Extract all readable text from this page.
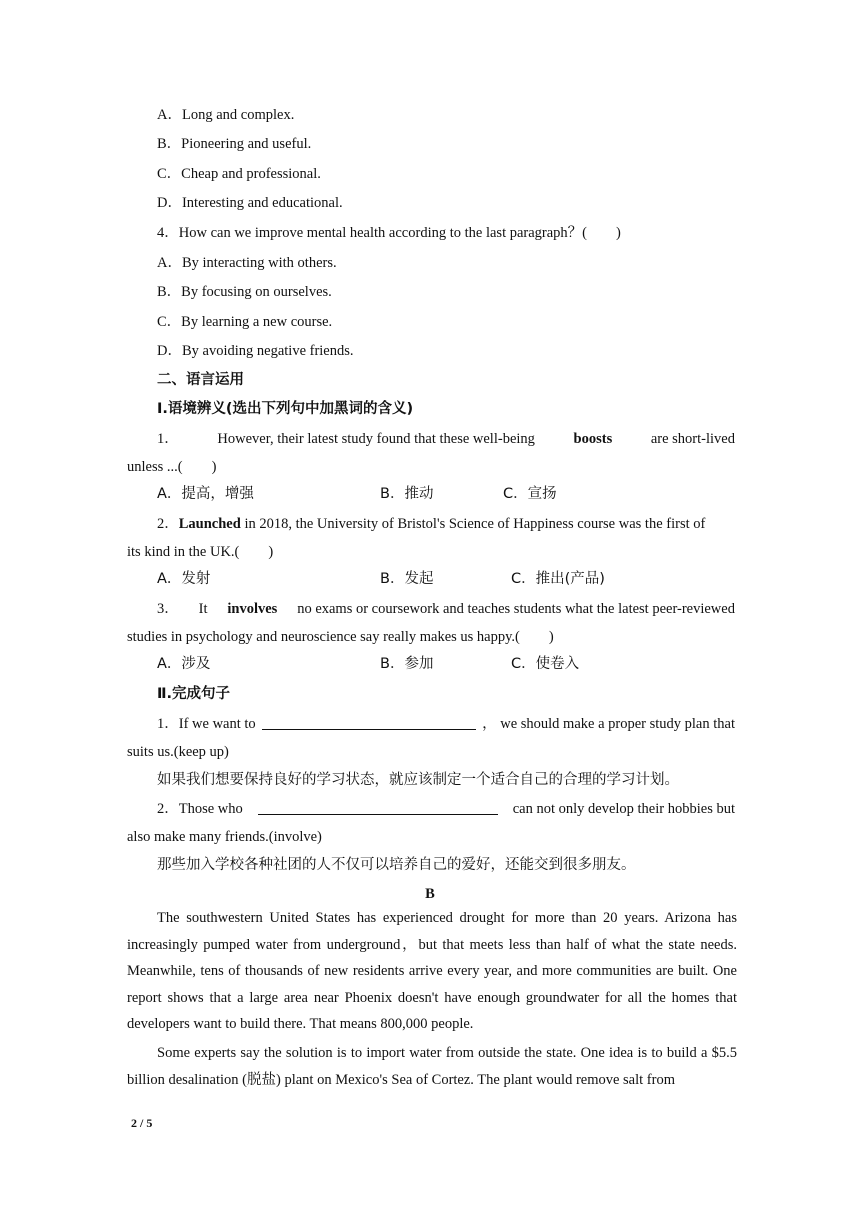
A．Long and complex.
B．Pioneering and useful.
C．Cheap and professional.
D．Interesting and educational.
4．How can we improve mental health according to the last paragraph？(　　)
A．By interacting with others.
B．By focusing on ourselves.
C．By learning a new course.
D．By avoiding negative friends.
二、语言运用
Ⅰ.语境辨义(选出下列句中加黑词的含义)
1．	However, their latest study found that these well-being	boosts	are short-lived
unless ...(　　)
A．提高，增强	B．推动	C．宣扬
2．Launched in 2018, the University of Bristol's Science of Happiness course was the first of
its kind in the UK.(　　)
A．发射	B．发起	C．推出(产品)
3． It involves no exams or coursework and teaches students what the latest peer-reviewed
studies in psychology and neuroscience say really makes us happy.(　　)
A．涉及	B．参加	C．使卷入
Ⅱ.完成句子
1．If we want to	， we should make a proper study plan that
suits us.(keep up)
如果我们想要保持良好的学习状态，就应该制定一个适合自己的合理的学习计划。
2．Those who	can not only develop their hobbies but
also make many friends.(involve)
那些加入学校各种社团的人不仅可以培养自己的爱好，还能交到很多朋友。
B
The southwestern United States has experienced drought for more than 20 years. Arizona has increasingly pumped water from underground，but that meets less than half of what the state needs. Meanwhile, tens of thousands of new residents arrive every year, and more communities are built. One report shows that a large area near Phoenix doesn't have enough groundwater for all the homes that developers want to build there. That means 800,000 people.
Some experts say the solution is to import water from outside the state. One idea is to build a $5.5 billion desalination (脱盐) plant on Mexico's Sea of Cortez. The plant would remove salt from
2 / 5
